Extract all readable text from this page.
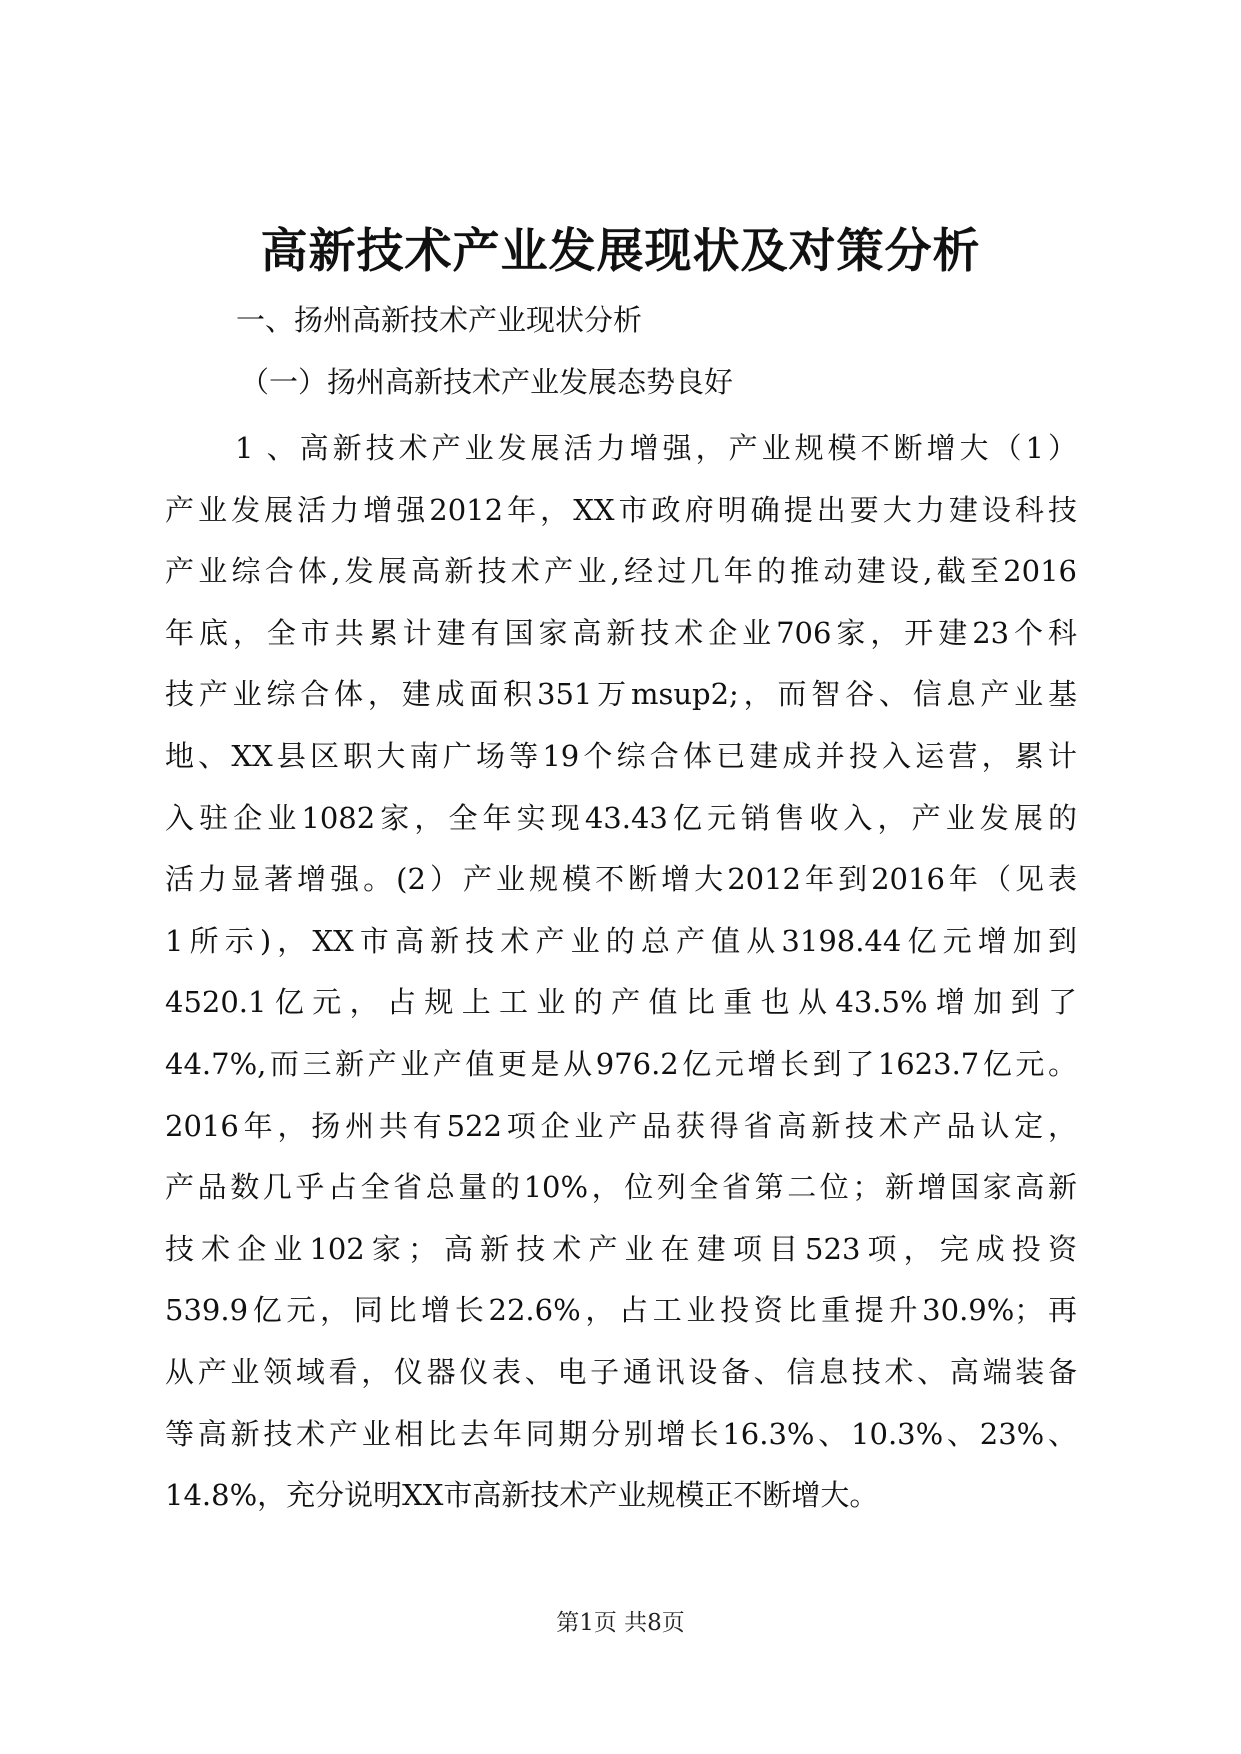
高新技术产业发展现状及对策分析
一、扬州高新技术产业现状分析
（一）扬州高新技术产业发展态势良好
1 、高新技术产业发展活力增强，产业规模不断增大（1）
产业发展活力增强2012年，XX市政府明确提出要大力建设科技
产业综合体,发展高新技术产业,经过几年的推动建设,截至2016
年底，全市共累计建有国家高新技术企业706家，开建23个科
技产业综合体，建成面积351万msup2;，而智谷、信息产业基
地、XX县区职大南广场等19个综合体已建成并投入运营，累计
入驻企业1082家，全年实现43.43亿元销售收入，产业发展的
活力显著增强。(2）产业规模不断增大2012年到2016年（见表
1所示)，XX市高新技术产业的总产值从3198.44亿元增加到
4520.1亿元，占规上工业的产值比重也从43.5%增加到了
44.7%,而三新产业产值更是从976.2亿元增长到了1623.7亿元。
2016年，扬州共有522项企业产品获得省高新技术产品认定，
产品数几乎占全省总量的10%，位列全省第二位；新增国家高新
技术企业102家；高新技术产业在建项目523项，完成投资
539.9亿元，同比增长22.6%，占工业投资比重提升30.9%；再
从产业领域看，仪器仪表、电子通讯设备、信息技术、高端装备
等高新技术产业相比去年同期分别增长16.3%、10.3%、23%、
14.8%，充分说明XX市高新技术产业规模正不断增大。
第1页 共8页
